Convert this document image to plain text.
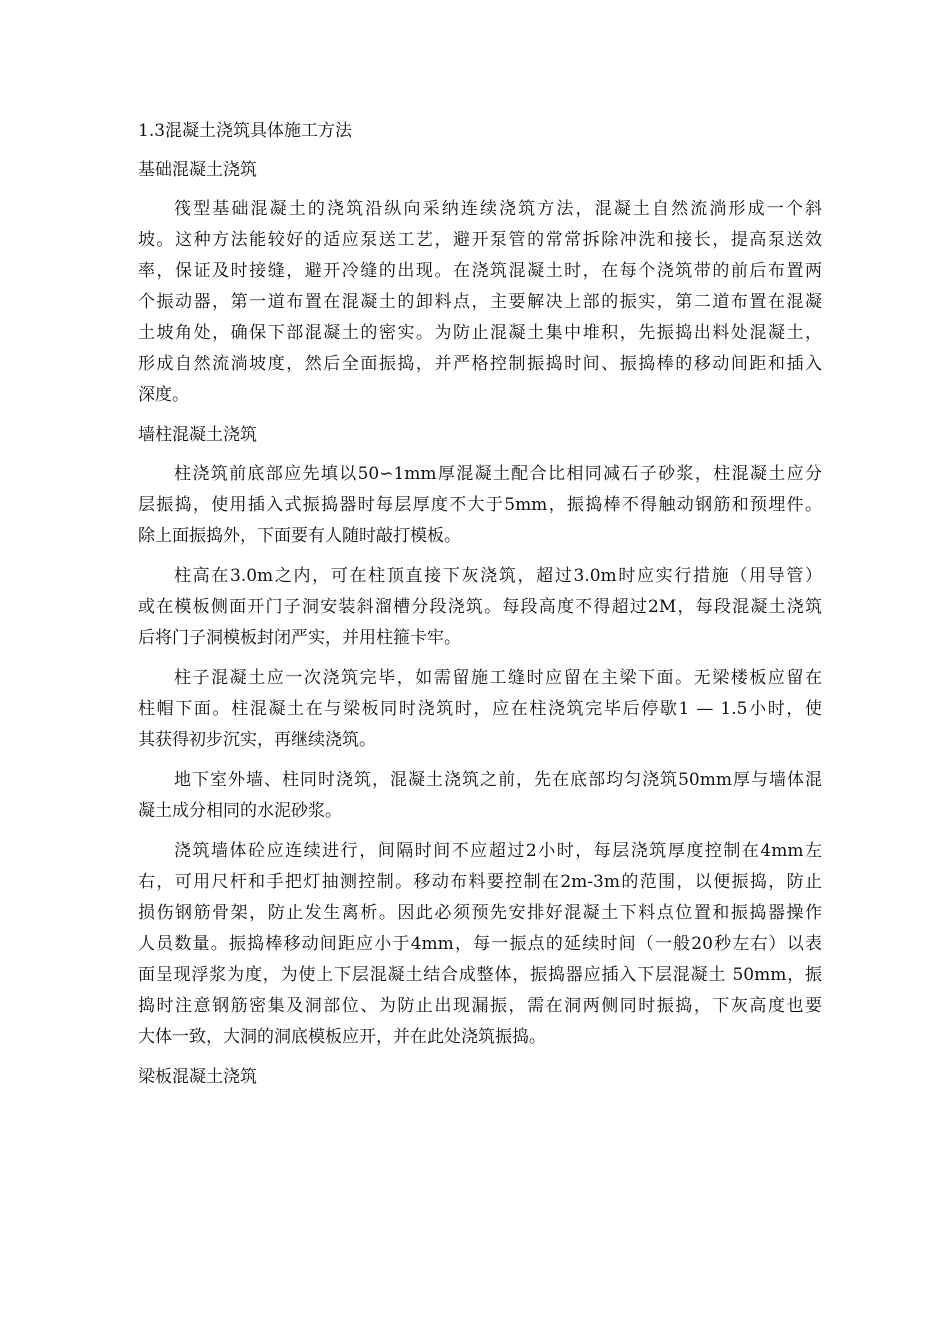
1.3混凝土浇筑具体施工方法
基础混凝土浇筑
筏型基础混凝土的浇筑沿纵向采纳连续浇筑方法，混凝土自然流淌形成一个斜
坡。这种方法能较好的适应泵送工艺，避开泵管的常常拆除冲洗和接长，提高泵送效
率，保证及时接缝，避开冷缝的出现。在浇筑混凝土时，在每个浇筑带的前后布置两
个振动器，第一道布置在混凝土的卸料点，主要解决上部的振实，第二道布置在混凝
土坡角处，确保下部混凝土的密实。为防止混凝土集中堆积，先振捣出料处混凝土，
形成自然流淌坡度，然后全面振捣，并严格控制振捣时间、振捣棒的移动间距和插入
深度。
墙柱混凝土浇筑
柱浇筑前底部应先填以50∽1mm厚混凝土配合比相同减石子砂浆，柱混凝土应分
层振捣，使用插入式振捣器时每层厚度不大于5mm，振捣棒不得触动钢筋和预埋件。
除上面振捣外，下面要有人随时敲打模板。
柱高在3.0m之内，可在柱顶直接下灰浇筑，超过3.0m时应实行措施（用导管）
或在模板侧面开门子洞安装斜溜槽分段浇筑。每段高度不得超过2M，每段混凝土浇筑
后将门子洞模板封闭严实，并用柱箍卡牢。
柱子混凝土应一次浇筑完毕，如需留施工缝时应留在主梁下面。无梁楼板应留在
柱帽下面。柱混凝土在与梁板同时浇筑时，应在柱浇筑完毕后停歇1 — 1.5小时，使
其获得初步沉实，再继续浇筑。
地下室外墙、柱同时浇筑，混凝土浇筑之前，先在底部均匀浇筑50mm厚与墙体混
凝土成分相同的水泥砂浆。
浇筑墙体砼应连续进行，间隔时间不应超过2小时，每层浇筑厚度控制在4mm左
右，可用尺杆和手把灯抽测控制。移动布料要控制在2m-3m的范围，以便振捣，防止
损伤钢筋骨架，防止发生离析。因此必须预先安排好混凝土下料点位置和振捣器操作
人员数量。振捣棒移动间距应小于4mm，每一振点的延续时间（一般20秒左右）以表
面呈现浮浆为度，为使上下层混凝土结合成整体，振捣器应插入下层混凝土 50mm，振
捣时注意钢筋密集及洞部位、为防止出现漏振，需在洞两侧同时振捣，下灰高度也要
大体一致，大洞的洞底模板应开，并在此处浇筑振捣。
梁板混凝土浇筑
